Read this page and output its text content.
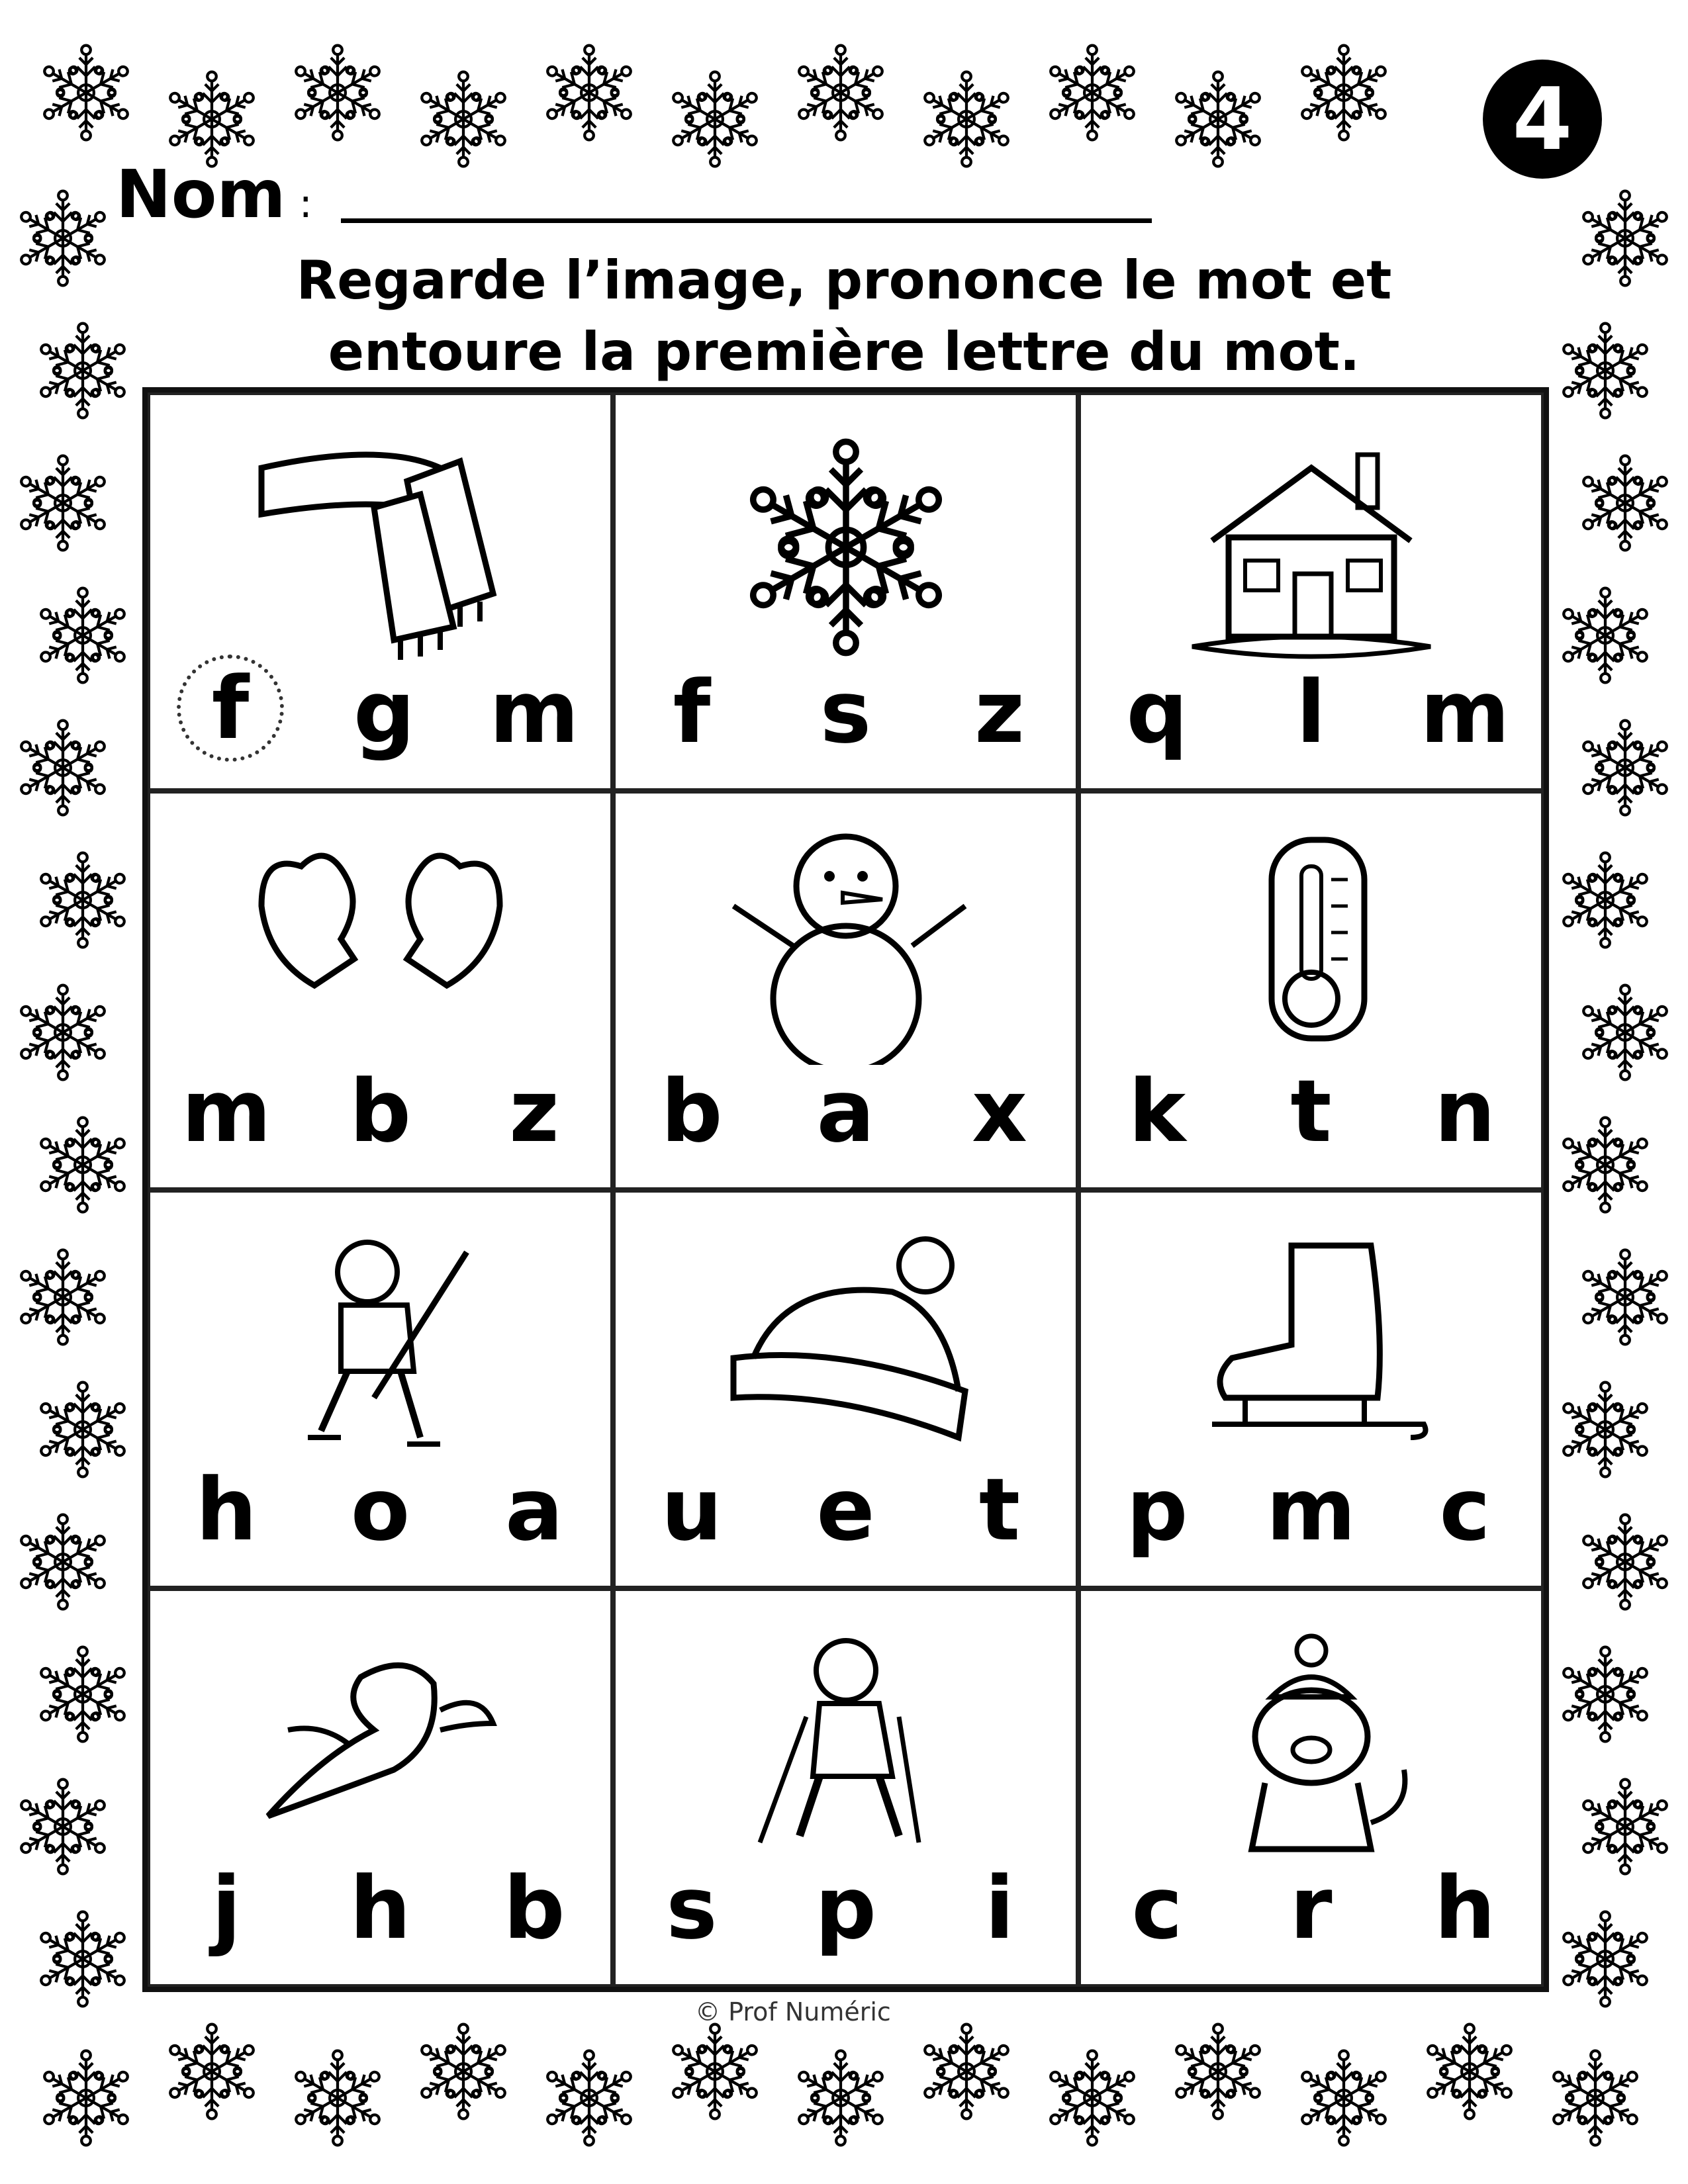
4
Nom :
Regarde l’image, prononce le mot et
entoure la première lettre du mot.
f	g m	f	s z q	l	m
m b z b a x k	t	n
h o a u e	t	p m c
j	h b s p	i	c	r	h
© Prof Numéric
